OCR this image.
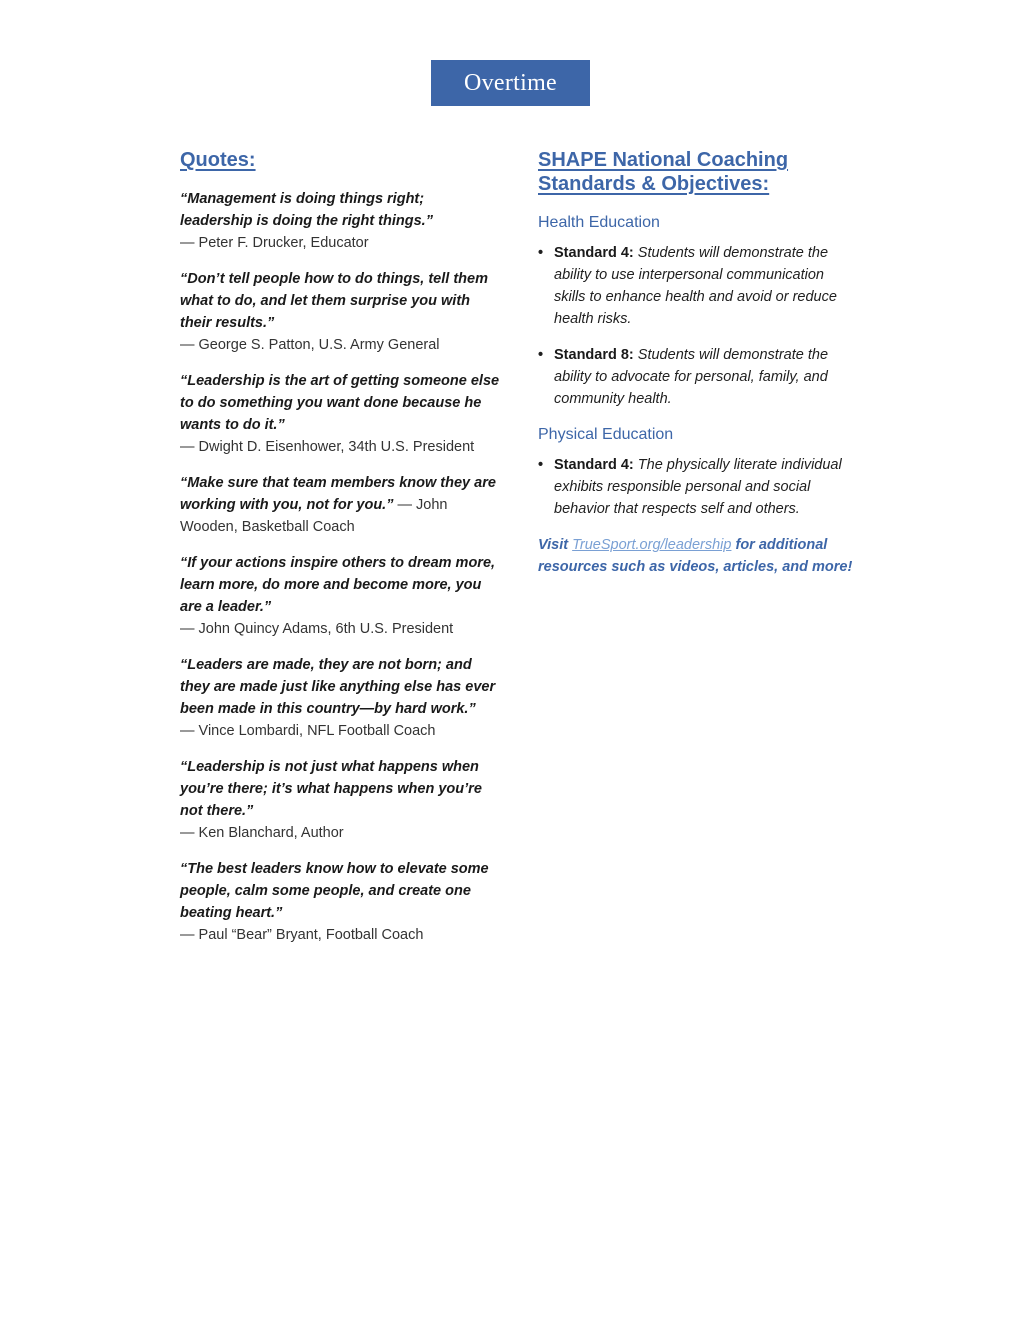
Overtime
Quotes:
“Management is doing things right; leadership is doing the right things.”
— Peter F. Drucker, Educator
“Don’t tell people how to do things, tell them what to do, and let them surprise you with their results.”
— George S. Patton, U.S. Army General
“Leadership is the art of getting someone else to do something you want done because he wants to do it.”
— Dwight D. Eisenhower, 34th U.S. President
“Make sure that team members know they are working with you, not for you.” — John Wooden, Basketball Coach
“If your actions inspire others to dream more, learn more, do more and become more, you are a leader.”
— John Quincy Adams, 6th U.S. President
“Leaders are made, they are not born; and they are made just like anything else has ever been made in this country—by hard work.”
— Vince Lombardi, NFL Football Coach
“Leadership is not just what happens when you’re there; it’s what happens when you’re not there.”
— Ken Blanchard, Author
“The best leaders know how to elevate some people, calm some people, and create one beating heart.”
— Paul “Bear” Bryant, Football Coach
SHAPE National Coaching Standards & Objectives:
Health Education
• Standard 4: Students will demonstrate the ability to use interpersonal communication skills to enhance health and avoid or reduce health risks.
• Standard 8: Students will demonstrate the ability to advocate for personal, family, and community health.
Physical Education
• Standard 4: The physically literate individual exhibits responsible personal and social behavior that respects self and others.
Visit TrueSport.org/leadership for additional resources such as videos, articles, and more!
